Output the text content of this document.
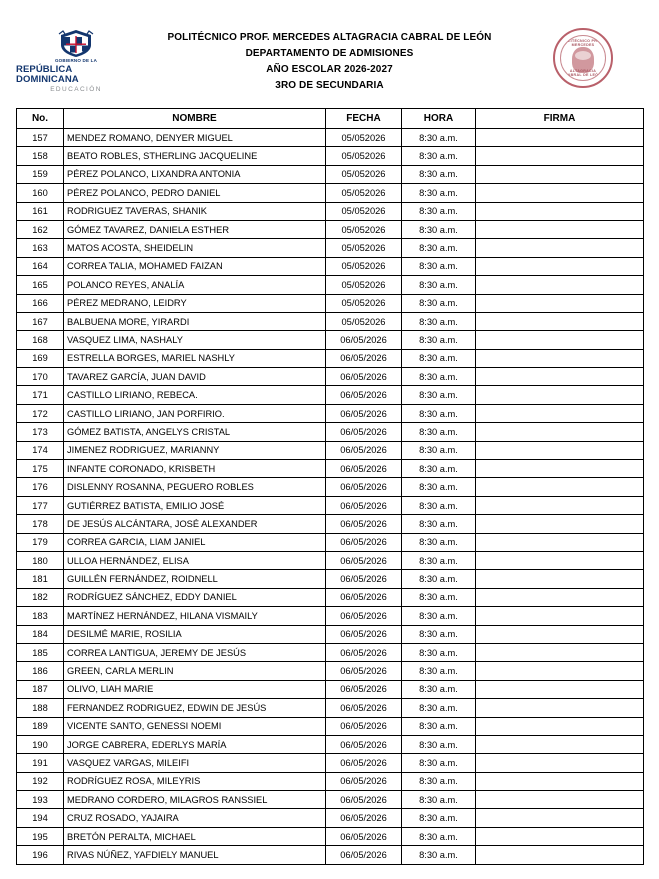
GOBIERNO DE LA
REPÚBLICA DOMINICANA
EDUCACIÓN
POLITÉCNICO PROF. MERCEDES ALTAGRACIA CABRAL DE LEÓN
DEPARTAMENTO DE ADMISIONES
AÑO ESCOLAR 2026-2027
3RO DE SECUNDARIA
POLITÉCNICO PROF. MERCEDES
ALTAGRACIA CABRAL DE LEÓN
No.	NOMBRE	FECHA	HORA	FIRMA
157	MENDEZ ROMANO, DENYER MIGUEL	05/052026	8:30 a.m.	
158	BEATO ROBLES, STHERLING JACQUELINE	05/052026	8:30 a.m.	
159	PÉREZ POLANCO, LIXANDRA ANTONIA	05/052026	8:30 a.m.	
160	PÉREZ POLANCO, PEDRO DANIEL	05/052026	8:30 a.m.	
161	RODRIGUEZ TAVERAS, SHANIK	05/052026	8:30 a.m.	
162	GÓMEZ TAVAREZ, DANIELA ESTHER	05/052026	8:30 a.m.	
163	MATOS ACOSTA, SHEIDELIN	05/052026	8:30 a.m.	
164	CORREA TALIA, MOHAMED FAIZAN	05/052026	8:30 a.m.	
165	POLANCO REYES, ANALÍA	05/052026	8:30 a.m.	
166	PÉREZ MEDRANO, LEIDRY	05/052026	8:30 a.m.	
167	BALBUENA MORE, YIRARDI	05/052026	8:30 a.m.	
168	VASQUEZ LIMA, NASHALY	06/05/2026	8:30 a.m.	
169	ESTRELLA BORGES, MARIEL NASHLY	06/05/2026	8:30 a.m.	
170	TAVAREZ GARCÍA, JUAN DAVID	06/05/2026	8:30 a.m.	
171	CASTILLO LIRIANO, REBECA.	06/05/2026	8:30 a.m.	
172	CASTILLO LIRIANO, JAN PORFIRIO.	06/05/2026	8:30 a.m.	
173	GÓMEZ BATISTA, ANGELYS CRISTAL	06/05/2026	8:30 a.m.	
174	JIMENEZ RODRIGUEZ, MARIANNY	06/05/2026	8:30 a.m.	
175	INFANTE CORONADO, KRISBETH	06/05/2026	8:30 a.m.	
176	DISLENNY ROSANNA, PEGUERO ROBLES	06/05/2026	8:30 a.m.	
177	GUTIÉRREZ BATISTA, EMILIO JOSÉ	06/05/2026	8:30 a.m.	
178	DE JESÚS ALCÁNTARA, JOSÉ ALEXANDER	06/05/2026	8:30 a.m.	
179	CORREA GARCIA, LIAM JANIEL	06/05/2026	8:30 a.m.	
180	ULLOA HERNÁNDEZ, ELISA	06/05/2026	8:30 a.m.	
181	GUILLÉN FERNÁNDEZ, ROIDNELL	06/05/2026	8:30 a.m.	
182	RODRÍGUEZ SÁNCHEZ, EDDY DANIEL	06/05/2026	8:30 a.m.	
183	MARTÍNEZ HERNÁNDEZ, HILANA VISMAILY	06/05/2026	8:30 a.m.	
184	DESILMÉ MARIE, ROSILIA	06/05/2026	8:30 a.m.	
185	CORREA LANTIGUA, JEREMY DE JESÚS	06/05/2026	8:30 a.m.	
186	GREEN, CARLA MERLIN	06/05/2026	8:30 a.m.	
187	OLIVO, LIAH MARIE	06/05/2026	8:30 a.m.	
188	FERNANDEZ RODRIGUEZ, EDWIN DE JESÚS	06/05/2026	8:30 a.m.	
189	VICENTE SANTO, GENESSI NOEMI	06/05/2026	8:30 a.m.	
190	JORGE CABRERA, EDERLYS MARÍA	06/05/2026	8:30 a.m.	
191	VASQUEZ VARGAS, MILEIFI	06/05/2026	8:30 a.m.	
192	RODRÍGUEZ ROSA, MILEYRIS	06/05/2026	8:30 a.m.	
193	MEDRANO CORDERO, MILAGROS RANSSIEL	06/05/2026	8:30 a.m.	
194	CRUZ ROSADO, YAJAIRA	06/05/2026	8:30 a.m.	
195	BRETÓN PERALTA, MICHAEL	06/05/2026	8:30 a.m.	
196	RIVAS NÚÑEZ, YAFDIELY MANUEL	06/05/2026	8:30 a.m.	
